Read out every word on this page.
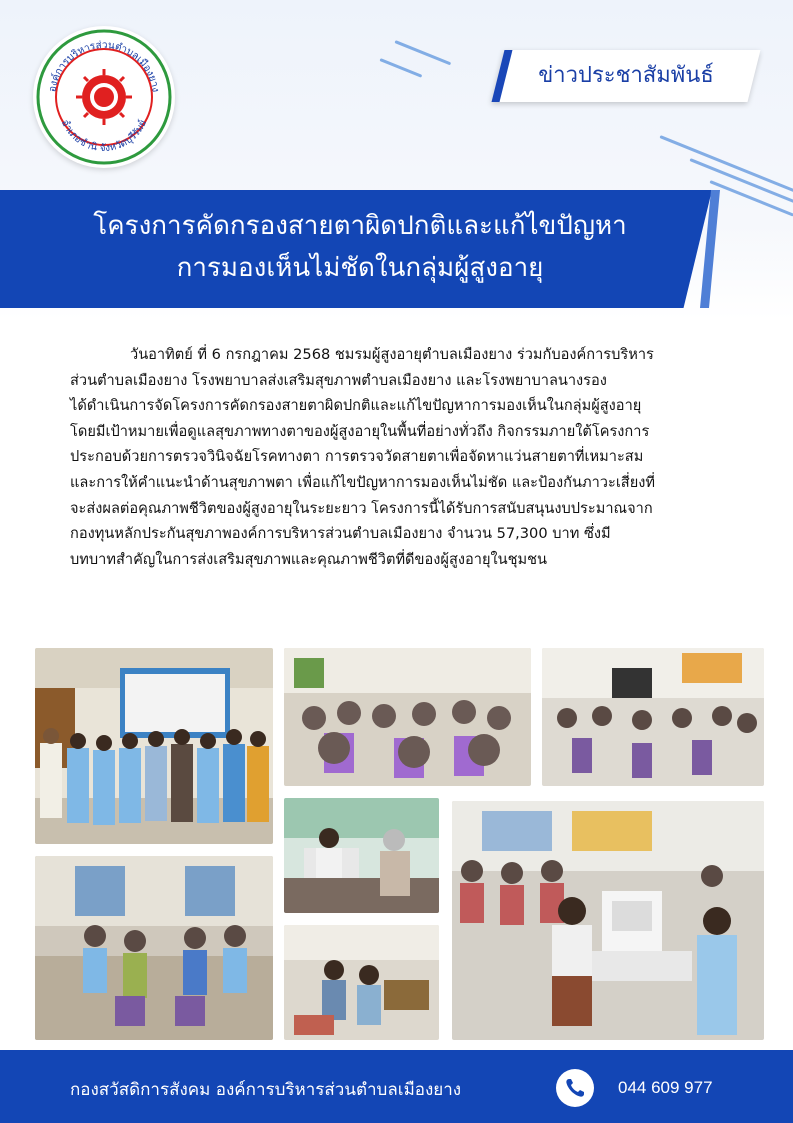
องค์การบริหารส่วนตำบลเมืองยาง
อำเภอชำนิ จังหวัดบุรีรัมย์
ข่าวประชาสัมพันธ์
โครงการคัดกรองสายตาผิดปกติและแก้ไขปัญหา
การมองเห็นไม่ชัดในกลุ่มผู้สูงอายุ
วันอาทิตย์ ที่ 6 กรกฎาคม 2568 ชมรมผู้สูงอายุตำบลเมืองยาง ร่วมกับองค์การบริหาร
ส่วนตำบลเมืองยาง โรงพยาบาลส่งเสริมสุขภาพตำบลเมืองยาง และโรงพยาบาลนางรอง
ได้ดำเนินการจัดโครงการคัดกรองสายตาผิดปกติและแก้ไขปัญหาการมองเห็นในกลุ่มผู้สูงอายุ
โดยมีเป้าหมายเพื่อดูแลสุขภาพทางตาของผู้สูงอายุในพื้นที่อย่างทั่วถึง กิจกรรมภายใต้โครงการ
ประกอบด้วยการตรวจวินิจฉัยโรคทางตา การตรวจวัดสายตาเพื่อจัดหาแว่นสายตาที่เหมาะสม
และการให้คำแนะนำด้านสุขภาพตา เพื่อแก้ไขปัญหาการมองเห็นไม่ชัด และป้องกันภาวะเสี่ยงที่
จะส่งผลต่อคุณภาพชีวิตของผู้สูงอายุในระยะยาว โครงการนี้ได้รับการสนับสนุนงบประมาณจาก
กองทุนหลักประกันสุขภาพองค์การบริหารส่วนตำบลเมืองยาง จำนวน 57,300 บาท ซึ่งมี
บทบาทสำคัญในการส่งเสริมสุขภาพและคุณภาพชีวิตที่ดีของผู้สูงอายุในชุมชน
กองสวัสดิการสังคม องค์การบริหารส่วนตำบลเมืองยาง	044 609 977
